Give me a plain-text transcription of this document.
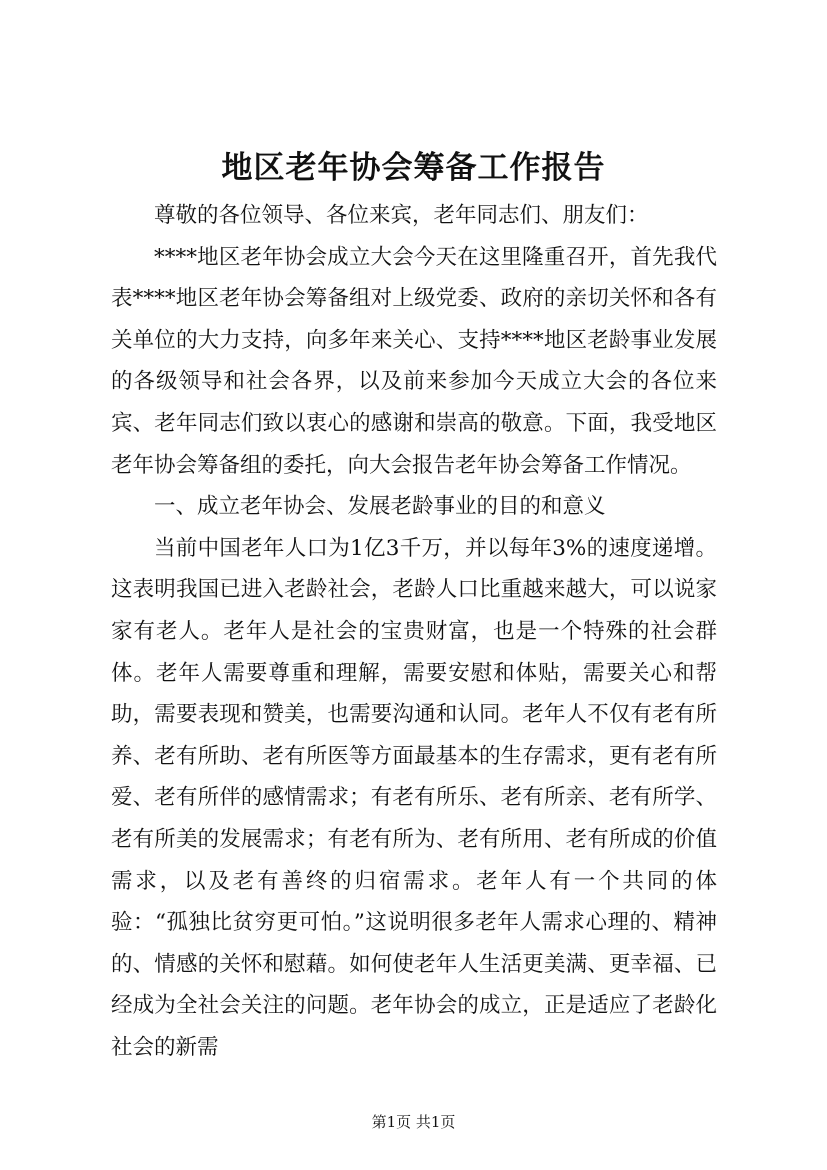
地区老年协会筹备工作报告

尊敬的各位领导、各位来宾，老年同志们、朋友们：

****地区老年协会成立大会今天在这里隆重召开，首先我代表****地区老年协会筹备组对上级党委、政府的亲切关怀和各有关单位的大力支持，向多年来关心、支持****地区老龄事业发展的各级领导和社会各界，以及前来参加今天成立大会的各位来宾、老年同志们致以衷心的感谢和崇高的敬意。下面，我受地区老年协会筹备组的委托，向大会报告老年协会筹备工作情况。

一、成立老年协会、发展老龄事业的目的和意义

当前中国老年人口为1亿3千万，并以每年3%的速度递增。这表明我国已进入老龄社会，老龄人口比重越来越大，可以说家家有老人。老年人是社会的宝贵财富，也是一个特殊的社会群体。老年人需要尊重和理解，需要安慰和体贴，需要关心和帮助，需要表现和赞美，也需要沟通和认同。老年人不仅有老有所养、老有所助、老有所医等方面最基本的生存需求，更有老有所爱、老有所伴的感情需求；有老有所乐、老有所亲、老有所学、老有所美的发展需求；有老有所为、老有所用、老有所成的价值需求，以及老有善终的归宿需求。老年人有一个共同的体验：“孤独比贫穷更可怕。”这说明很多老年人需求心理的、精神的、情感的关怀和慰藉。如何使老年人生活更美满、更幸福、已经成为全社会关注的问题。老年协会的成立，正是适应了老龄化社会的新需

第1页 共1页
